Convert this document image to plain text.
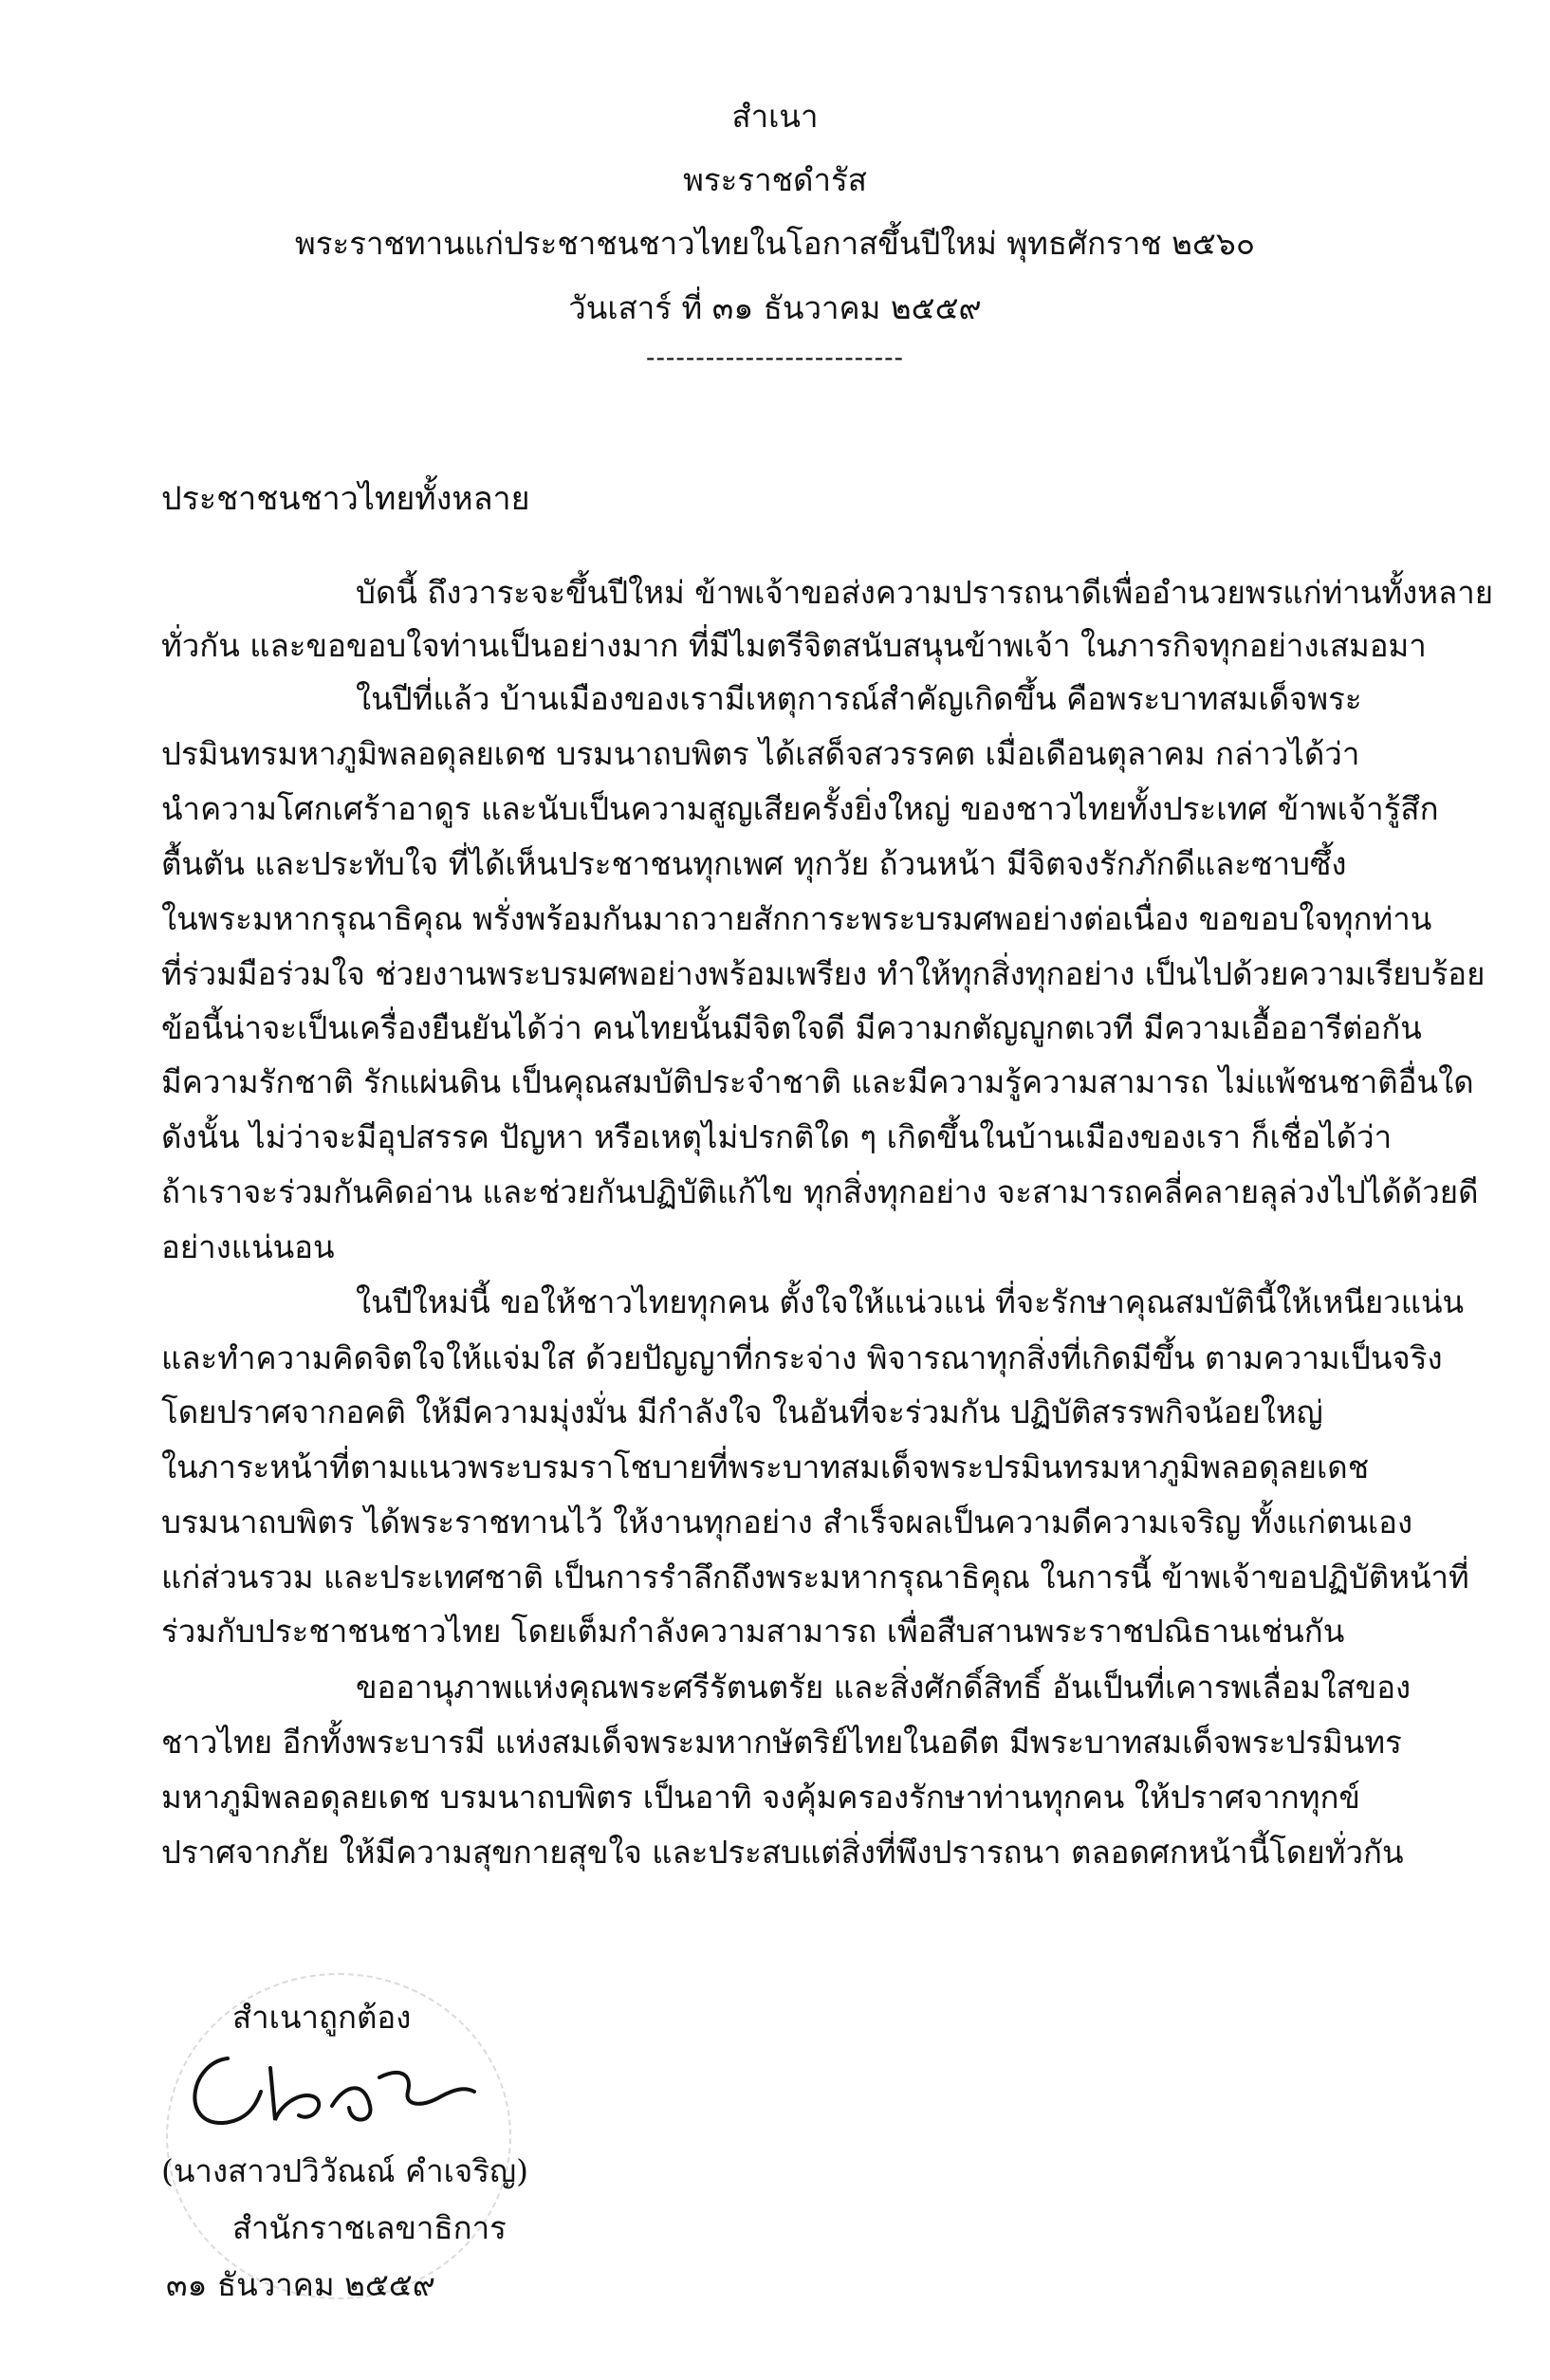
สำเนา
พระราชดำรัส
พระราชทานแก่ประชาชนชาวไทยในโอกาสขึ้นปีใหม่ พุทธศักราช ๒๕๖๐
วันเสาร์ ที่ ๓๑ ธันวาคม ๒๕๕๙
--------------------------
ประชาชนชาวไทยทั้งหลาย
บัดนี้ ถึงวาระจะขึ้นปีใหม่ ข้าพเจ้าขอส่งความปรารถนาดีเพื่ออำนวยพรแก่ท่านทั้งหลาย
ทั่วกัน และขอขอบใจท่านเป็นอย่างมาก ที่มีไมตรีจิตสนับสนุนข้าพเจ้า ในภารกิจทุกอย่างเสมอมา
ในปีที่แล้ว บ้านเมืองของเรามีเหตุการณ์สำคัญเกิดขึ้น คือพระบาทสมเด็จพระ
ปรมินทรมหาภูมิพลอดุลยเดช บรมนาถบพิตร ได้เสด็จสวรรคต เมื่อเดือนตุลาคม กล่าวได้ว่า
นำความโศกเศร้าอาดูร และนับเป็นความสูญเสียครั้งยิ่งใหญ่ ของชาวไทยทั้งประเทศ ข้าพเจ้ารู้สึก
ตื้นตัน และประทับใจ ที่ได้เห็นประชาชนทุกเพศ ทุกวัย ถ้วนหน้า มีจิตจงรักภักดีและซาบซึ้ง
ในพระมหากรุณาธิคุณ พรั่งพร้อมกันมาถวายสักการะพระบรมศพอย่างต่อเนื่อง ขอขอบใจทุกท่าน
ที่ร่วมมือร่วมใจ ช่วยงานพระบรมศพอย่างพร้อมเพรียง ทำให้ทุกสิ่งทุกอย่าง เป็นไปด้วยความเรียบร้อย
ข้อนี้น่าจะเป็นเครื่องยืนยันได้ว่า คนไทยนั้นมีจิตใจดี มีความกตัญญูกตเวที มีความเอื้ออารีต่อกัน
มีความรักชาติ รักแผ่นดิน เป็นคุณสมบัติประจำชาติ และมีความรู้ความสามารถ ไม่แพ้ชนชาติอื่นใด
ดังนั้น ไม่ว่าจะมีอุปสรรค ปัญหา หรือเหตุไม่ปรกติใด ๆ เกิดขึ้นในบ้านเมืองของเรา ก็เชื่อได้ว่า
ถ้าเราจะร่วมกันคิดอ่าน และช่วยกันปฏิบัติแก้ไข ทุกสิ่งทุกอย่าง จะสามารถคลี่คลายลุล่วงไปได้ด้วยดี
อย่างแน่นอน
ในปีใหม่นี้ ขอให้ชาวไทยทุกคน ตั้งใจให้แน่วแน่ ที่จะรักษาคุณสมบัตินี้ให้เหนียวแน่น
และทำความคิดจิตใจให้แจ่มใส ด้วยปัญญาที่กระจ่าง พิจารณาทุกสิ่งที่เกิดมีขึ้น ตามความเป็นจริง
โดยปราศจากอคติ ให้มีความมุ่งมั่น มีกำลังใจ ในอันที่จะร่วมกัน ปฏิบัติสรรพกิจน้อยใหญ่
ในภาระหน้าที่ตามแนวพระบรมราโชบายที่พระบาทสมเด็จพระปรมินทรมหาภูมิพลอดุลยเดช
บรมนาถบพิตร ได้พระราชทานไว้ ให้งานทุกอย่าง สำเร็จผลเป็นความดีความเจริญ ทั้งแก่ตนเอง
แก่ส่วนรวม และประเทศชาติ เป็นการรำลึกถึงพระมหากรุณาธิคุณ ในการนี้ ข้าพเจ้าขอปฏิบัติหน้าที่
ร่วมกับประชาชนชาวไทย โดยเต็มกำลังความสามารถ เพื่อสืบสานพระราชปณิธานเช่นกัน
ขออานุภาพแห่งคุณพระศรีรัตนตรัย และสิ่งศักดิ์สิทธิ์ อันเป็นที่เคารพเลื่อมใสของ
ชาวไทย อีกทั้งพระบารมี แห่งสมเด็จพระมหากษัตริย์ไทยในอดีต มีพระบาทสมเด็จพระปรมินทร
มหาภูมิพลอดุลยเดช บรมนาถบพิตร เป็นอาทิ จงคุ้มครองรักษาท่านทุกคน ให้ปราศจากทุกข์
ปราศจากภัย ให้มีความสุขกายสุขใจ และประสบแต่สิ่งที่พึงปรารถนา ตลอดศกหน้านี้โดยทั่วกัน
สำเนาถูกต้อง
(นางสาวปวิวัณณ์ คำเจริญ)
สำนักราชเลขาธิการ
๓๑ ธันวาคม ๒๕๕๙
